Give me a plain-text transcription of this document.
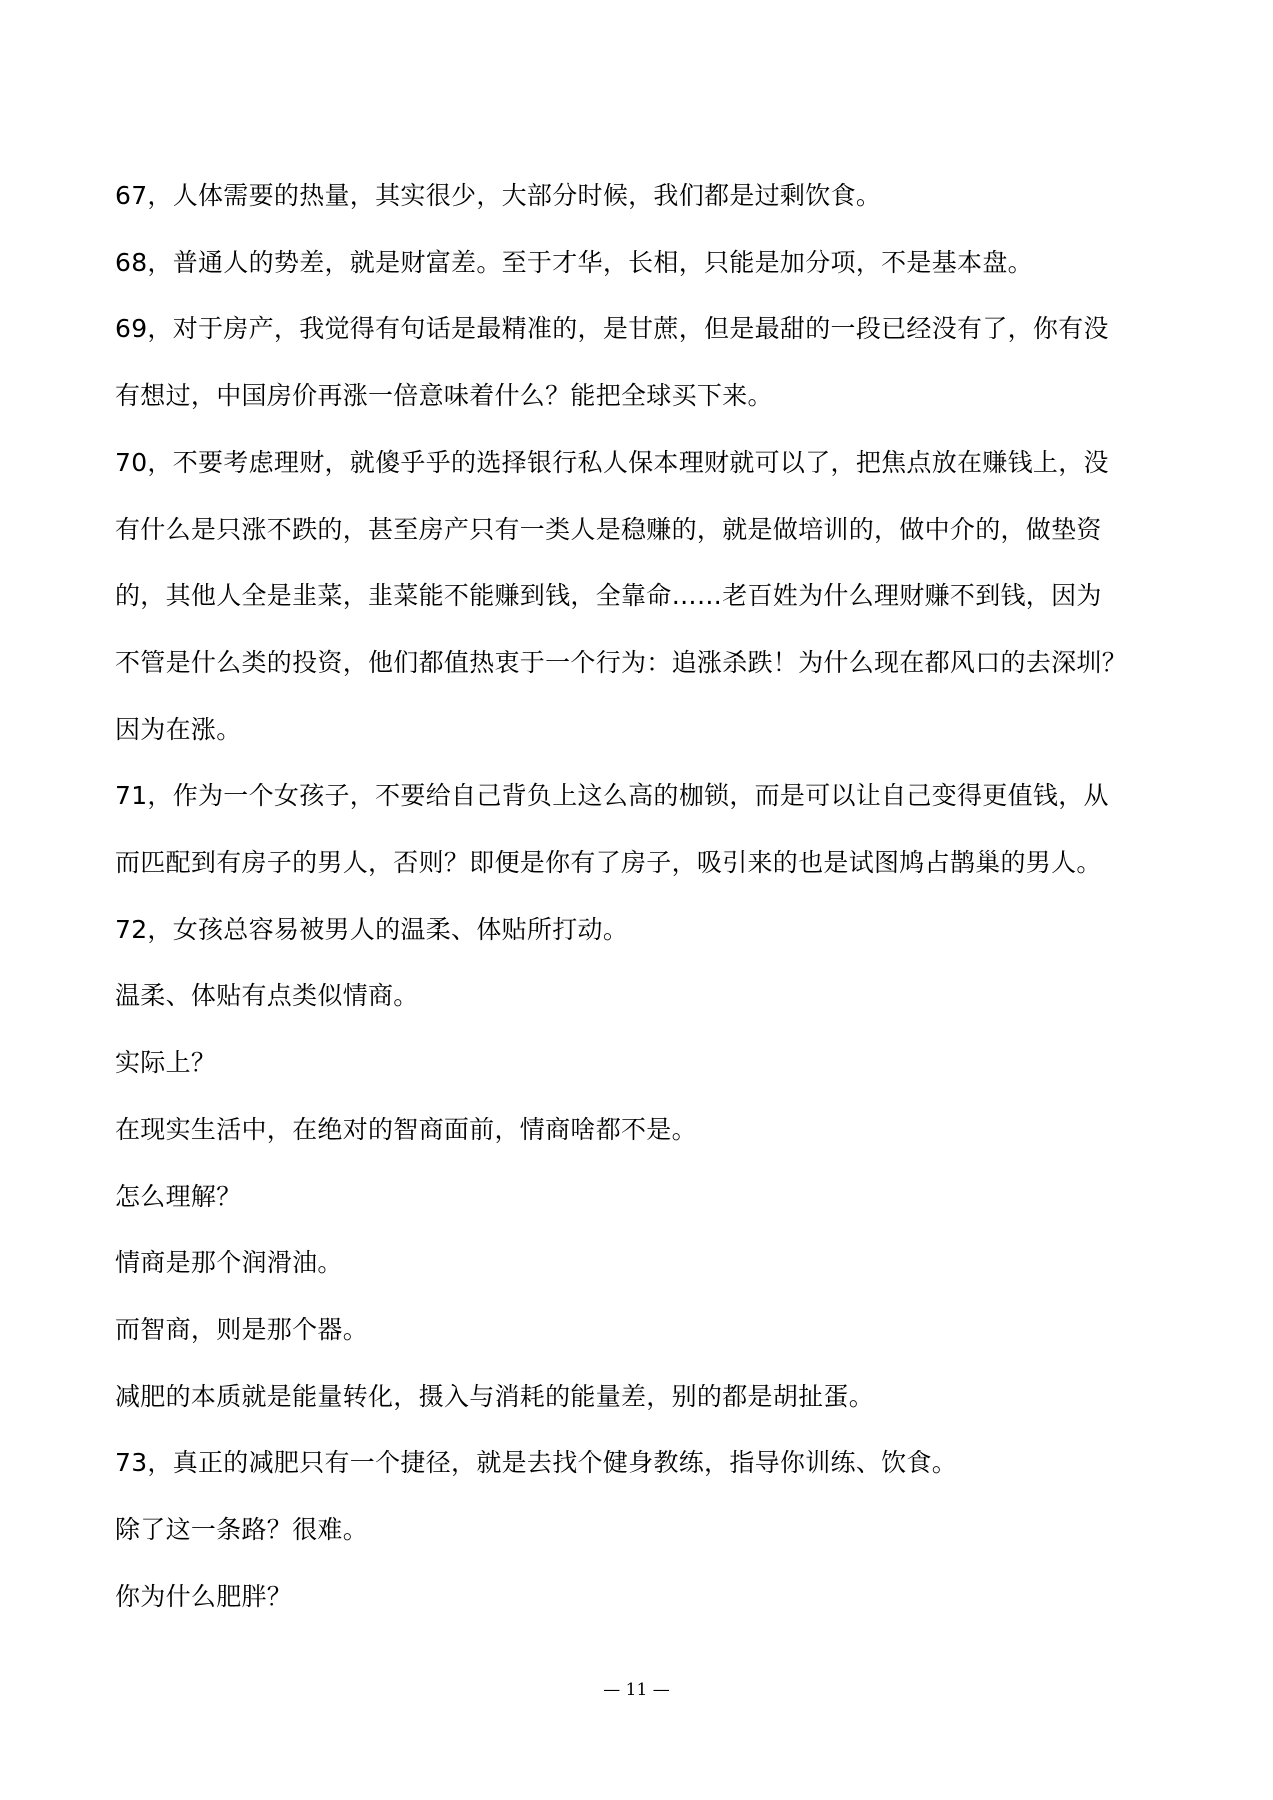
67，人体需要的热量，其实很少，大部分时候，我们都是过剩饮食。

68，普通人的势差，就是财富差。至于才华，长相，只能是加分项，不是基本盘。

69，对于房产，我觉得有句话是最精准的，是甘蔗，但是最甜的一段已经没有了，你有没

有想过，中国房价再涨一倍意味着什么？能把全球买下来。

70，不要考虑理财，就傻乎乎的选择银行私人保本理财就可以了，把焦点放在赚钱上，没

有什么是只涨不跌的，甚至房产只有一类人是稳赚的，就是做培训的，做中介的，做垫资

的，其他人全是韭菜，韭菜能不能赚到钱，全靠命……老百姓为什么理财赚不到钱，因为

不管是什么类的投资，他们都值热衷于一个行为：追涨杀跌！为什么现在都风口的去深圳？

因为在涨。

71，作为一个女孩子，不要给自己背负上这么高的枷锁，而是可以让自己变得更值钱，从

而匹配到有房子的男人，否则？即便是你有了房子，吸引来的也是试图鸠占鹊巢的男人。

72，女孩总容易被男人的温柔、体贴所打动。

温柔、体贴有点类似情商。

实际上？

在现实生活中，在绝对的智商面前，情商啥都不是。

怎么理解？

情商是那个润滑油。

而智商，则是那个器。

减肥的本质就是能量转化，摄入与消耗的能量差，别的都是胡扯蛋。

73，真正的减肥只有一个捷径，就是去找个健身教练，指导你训练、饮食。

除了这一条路？很难。

你为什么肥胖？

— 11 —
